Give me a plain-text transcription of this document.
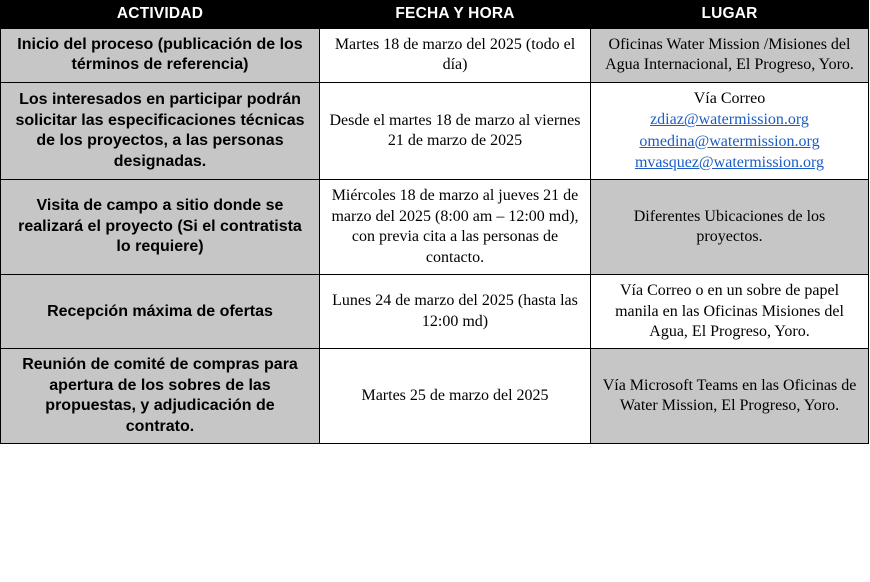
ACTIVIDAD	FECHA Y HORA	LUGAR
Inicio del proceso (publicación de los términos de referencia)	Martes 18 de marzo del 2025 (todo el día)	Oficinas Water Mission /Misiones del Agua Internacional, El Progreso, Yoro.
Los interesados en participar podrán solicitar las especificaciones técnicas de los proyectos, a las personas designadas.	Desde el martes 18 de marzo al viernes 21 de marzo de 2025	Vía Correo
zdiaz@watermission.org
omedina@watermission.org
mvasquez@watermission.org

Visita de campo a sitio donde se realizará el proyecto (Si el contratista lo requiere)	Miércoles 18 de marzo al jueves 21 de marzo del 2025 (8:00 am – 12:00 md), con previa cita a las personas de contacto.	Diferentes Ubicaciones de los proyectos.
Recepción máxima de ofertas	Lunes 24 de marzo del 2025 (hasta las 12:00 md)	Vía Correo o en un sobre de papel manila en las Oficinas Misiones del Agua, El Progreso, Yoro.
Reunión de comité de compras para apertura de los sobres de las propuestas, y adjudicación de contrato.	Martes 25 de marzo del 2025	Vía Microsoft Teams en las Oficinas de Water Mission, El Progreso, Yoro.
